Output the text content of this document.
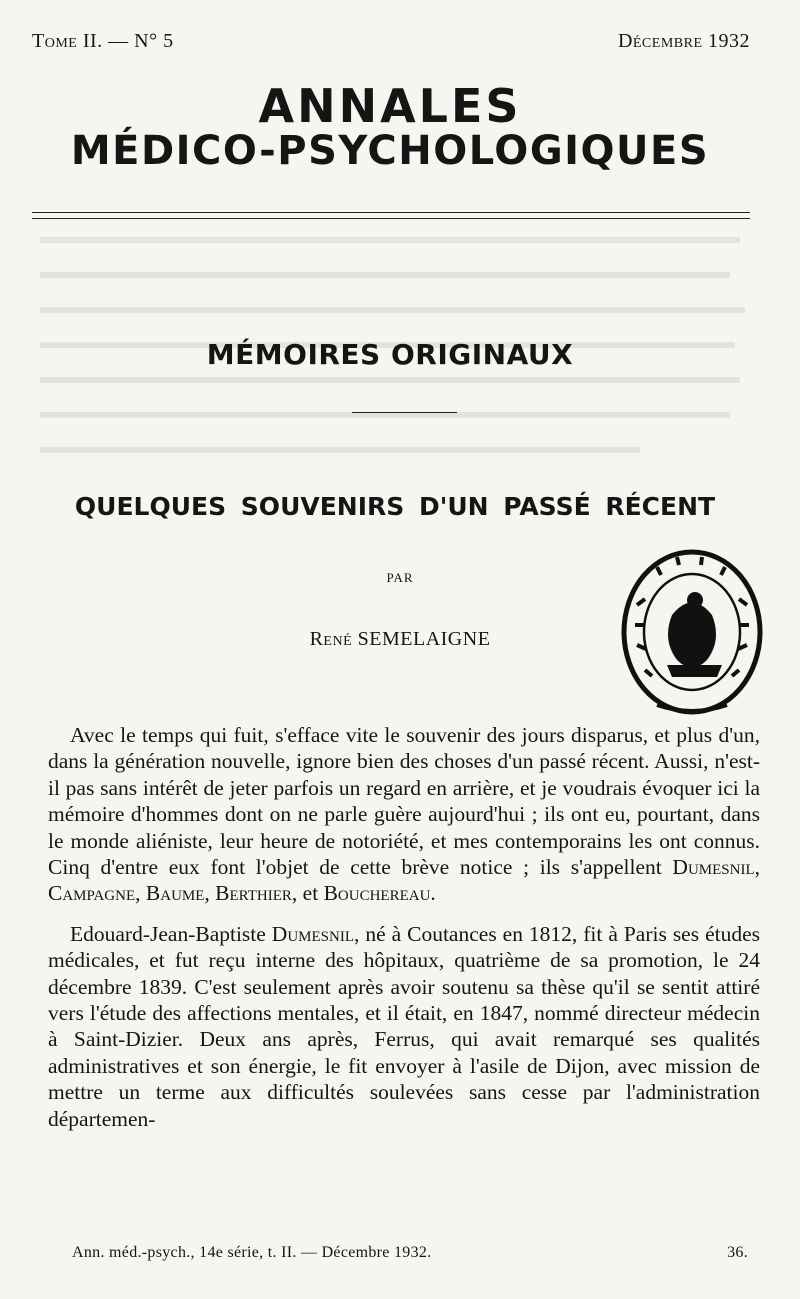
Tome II. — N° 5	Décembre 1932
ANNALES
MÉDICO-PSYCHOLOGIQUES
MÉMOIRES ORIGINAUX
QUELQUES SOUVENIRS D'UN PASSÉ RÉCENT
PAR
René SEMELAIGNE

Avec le temps qui fuit, s'efface vite le souvenir des jours disparus, et plus d'un, dans la génération nouvelle, ignore bien des choses d'un passé récent. Aussi, n'est-il pas sans intérêt de jeter parfois un regard en arrière, et je voudrais évoquer ici la mémoire d'hommes dont on ne parle guère aujourd'hui ; ils ont eu, pourtant, dans le monde aliéniste, leur heure de notoriété, et mes contemporains les ont connus. Cinq d'entre eux font l'objet de cette brève notice ; ils s'appellent Dumesnil, Campagne, Baume, Berthier, et Bouchereau.

Edouard-Jean-Baptiste Dumesnil, né à Coutances en 1812, fit à Paris ses études médicales, et fut reçu interne des hôpitaux, quatrième de sa promotion, le 24 décembre 1839. C'est seulement après avoir soutenu sa thèse qu'il se sentit attiré vers l'étude des affections mentales, et il était, en 1847, nommé directeur médecin à Saint-Dizier. Deux ans après, Ferrus, qui avait remarqué ses qualités administratives et son énergie, le fit envoyer à l'asile de Dijon, avec mission de mettre un terme aux difficultés soulevées sans cesse par l'administration départemen-

Ann. méd.-psych., 14e série, t. II. — Décembre 1932.	36.
